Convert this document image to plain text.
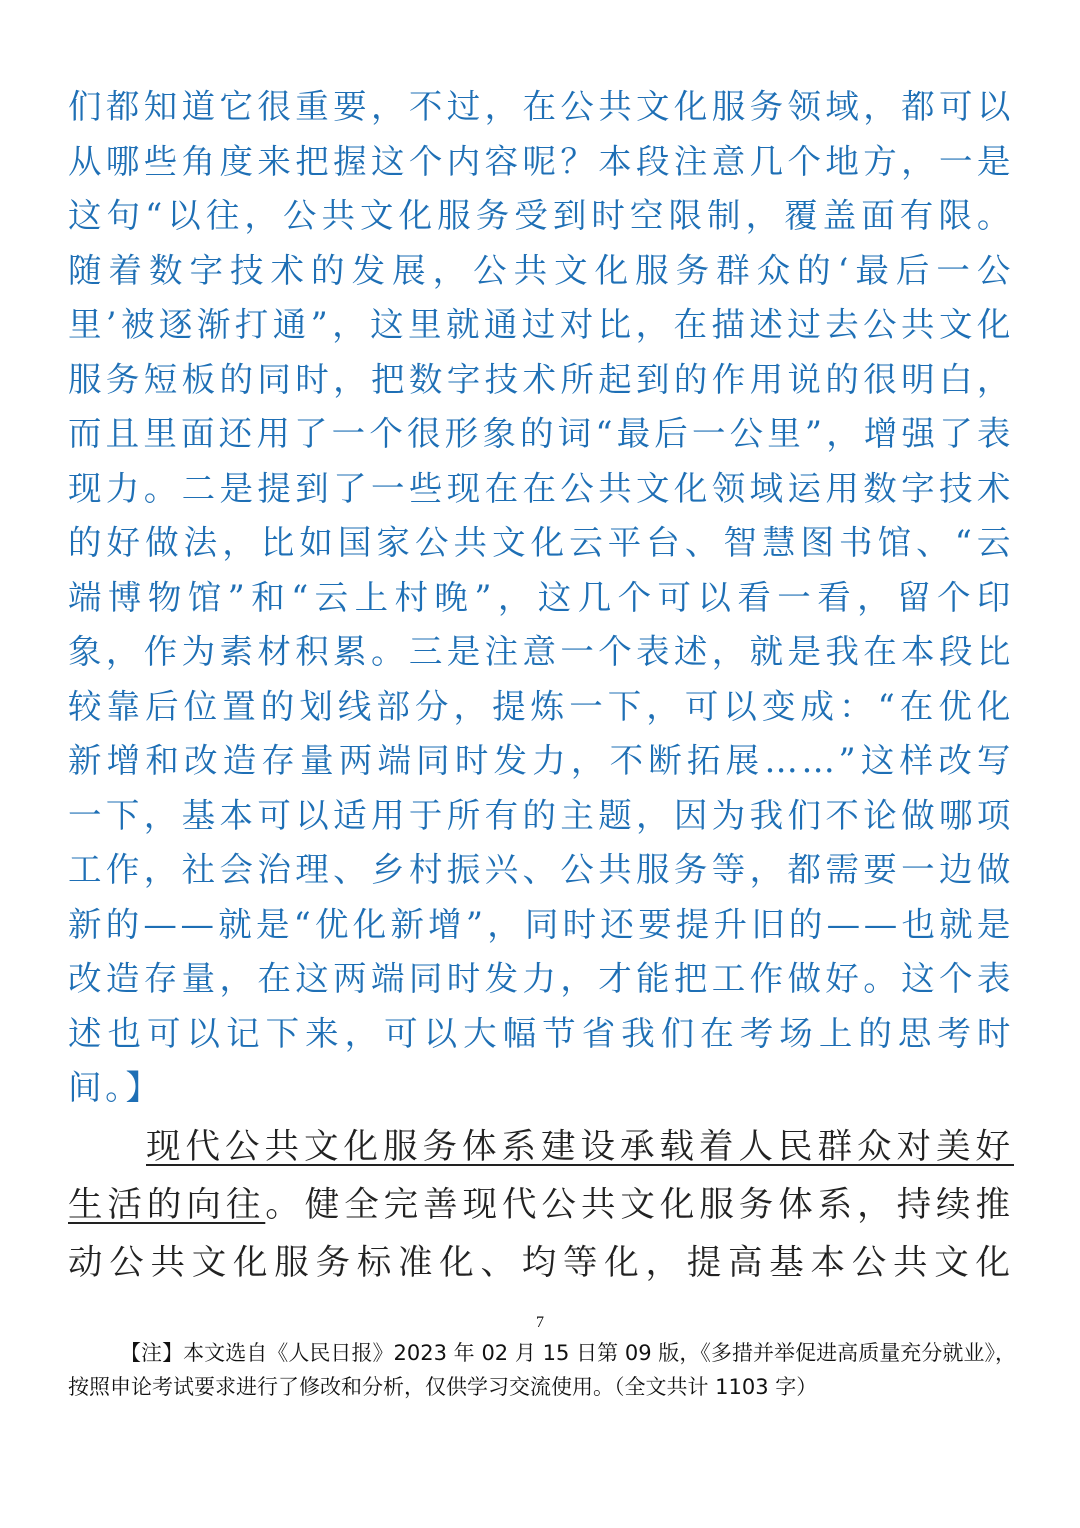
们都知道它很重要，不过，在公共文化服务领域，都可以从哪些角度来把握这个内容呢？本段注意几个地方，一是这句“以往，公共文化服务受到时空限制，覆盖面有限。随着数字技术的发展，公共文化服务群众的‘最后一公里’被逐渐打通”，这里就通过对比，在描述过去公共文化服务短板的同时，把数字技术所起到的作用说的很明白，而且里面还用了一个很形象的词“最后一公里”，增强了表现力。二是提到了一些现在在公共文化领域运用数字技术的好做法，比如国家公共文化云平台、智慧图书馆、“云端博物馆”和“云上村晚”，这几个可以看一看，留个印象，作为素材积累。三是注意一个表述，就是我在本段比较靠后位置的划线部分，提炼一下，可以变成：“在优化新增和改造存量两端同时发力，不断拓展……”这样改写一下，基本可以适用于所有的主题，因为我们不论做哪项工作，社会治理、乡村振兴、公共服务等，都需要一边做新的——就是“优化新增”，同时还要提升旧的——也就是改造存量，在这两端同时发力，才能把工作做好。这个表述也可以记下来，可以大幅节省我们在考场上的思考时间。】

现代公共文化服务体系建设承载着人民群众对美好生活的向往。健全完善现代公共文化服务体系，持续推动公共文化服务标准化、均等化，提高基本公共文化

7

【注】本文选自《人民日报》2023 年 02 月 15 日第 09 版，《多措并举促进高质量充分就业》，按照申论考试要求进行了修改和分析，仅供学习交流使用。（全文共计 1103 字）
